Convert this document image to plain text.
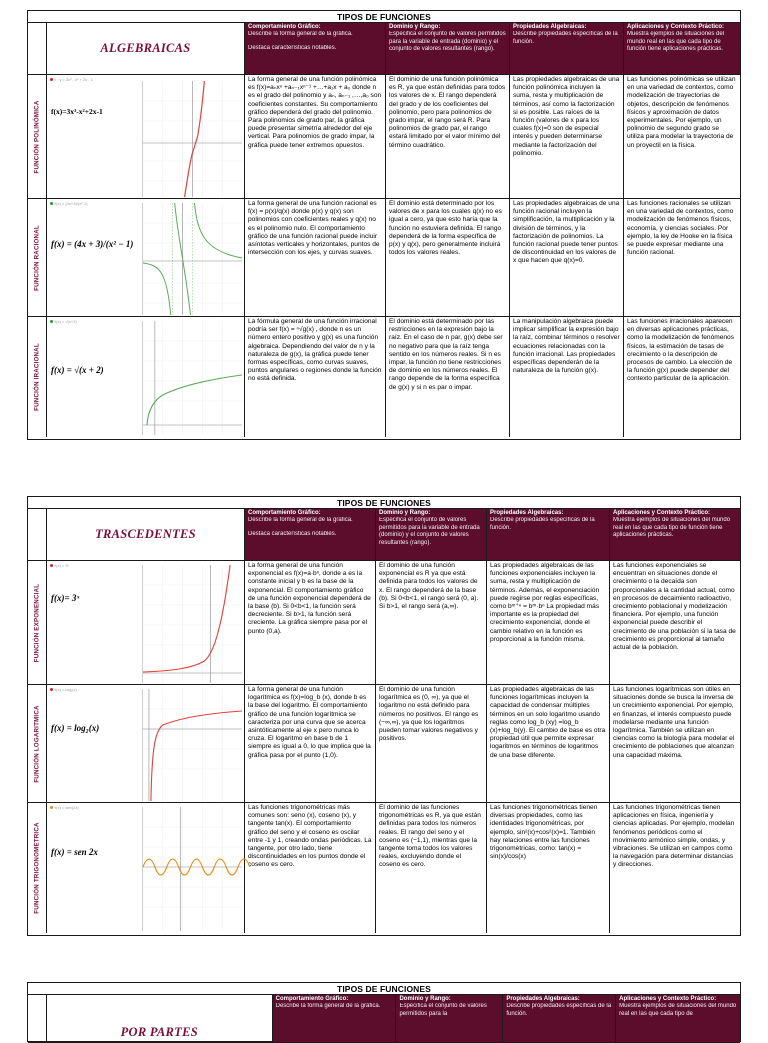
TIPOS DE FUNCIONES
ALGEBRAICAS
Comportamiento Gráfico:
Describe la forma general de la gráfica.
Destaca características notables.
Dominio y Rango:
Especifica el conjunto de valores permitidos para la variable de entrada (dominio) y el conjunto de valores resultantes (rango).
Propiedades Algebraicas:
Describe propiedades específicas de la función.
Aplicaciones y Contexto Práctico:
Muestra ejemplos de situaciones del mundo real en las que cada tipo de función tiene aplicaciones prácticas.
FUNCIÓN POLINÓMICA
f : y = 3x³ - x² + 2x - 1
f(x)=3x³-x²+2x-1
La forma general de una función polinómica es f(x)=aₙxⁿ +aₙ₋₁xⁿ⁻¹ +…+a₁x + a₀ donde n es el grado del polinomio y aₙ, aₙ₋₁ ,…,a₀ son coeficientes constantes. Su comportamiento gráfico dependerá del grado del polinomio. Para polinomios de grado par, la gráfica puede presentar simetría alrededor del eje vertical. Para polinomios de grado impar, la gráfica puede tener extremos opuestos.
El dominio de una función polinómica es R, ya que están definidas para todos los valores de x. El rango dependerá del grado y de los coeficientes del polinomio, pero para polinomios de grado impar, el rango será R. Para polinomios de grado par, el rango estará limitado por el valor mínimo del término cuadrático.
Las propiedades algebraicas de una función polinómica incluyen la suma, resta y multiplicación de términos, así como la factorización si es posible. Las raíces de la función (valores de x para los cuales f(x)=0 son de especial interés y pueden determinarse mediante la factorización del polinomio.
Las funciones polinómicas se utilizan en una variedad de contextos, como modelización de trayectorias de objetos, descripción de fenómenos físicos y aproximación de datos experimentales. Por ejemplo, un polinomio de segundo grado se utiliza para modelar la trayectoria de un proyectil en la física.
FUNCIÓN RACIONAL
f(x) = (4x+3)/(x²-1)
f(x) = (4x + 3)/(x² − 1)
La forma general de una función racional es f(x) = p(x)/q(x) donde p(x) y q(x) son polinomios con coeficientes reales y q(x) no es el polinomio nulo. El comportamiento gráfico de una función racional puede incluir asíntotas verticales y horizontales, puntos de intersección con los ejes, y curvas suaves.
El dominio está determinado por los valores de x para los cuales q(x) no es igual a cero, ya que esto haría que la función no estuviera definida. El rango dependerá de la forma específica de p(x) y q(x), pero generalmente incluirá todos los valores reales.
Las propiedades algebraicas de una función racional incluyen la simplificación, la multiplicación y la división de términos, y la factorización de polinomios. La función racional puede tener puntos de discontinuidad en los valores de x que hacen que q(x)=0.
Las funciones racionales se utilizan en una variedad de contextos, como modelización de fenómenos físicos, economía, y ciencias sociales. Por ejemplo, la ley de Hooke en la física se puede expresar mediante una función racional.
FUNCIÓN IRACIONAL
f(x) = √(x+2)
f(x) = √(x + 2)
La fórmula general de una función irracional podría ser f(x) = ⁿ√g(x) , donde n es un número entero positivo y g(x) es una función algebraica. Dependiendo del valor de n y la naturaleza de g(x), la gráfica puede tener formas específicas, como curvas suaves, puntos angulares o regiones donde la función no está definida.
El dominio está determinado por las restricciones en la expresión bajo la raíz. En el caso de n par, g(x) debe ser no negativo para que la raíz tenga sentido en los números reales. Si n es impar, la función no tiene restricciones de dominio en los números reales. El rango depende de la forma específica de g(x) y si n es par o impar.
La manipulación algebraica puede implicar simplificar la expresión bajo la raíz, combinar términos o resolver ecuaciones relacionadas con la función irracional. Las propiedades específicas dependerán de la naturaleza de la función g(x).
Las funciones irracionales aparecen en diversas aplicaciones prácticas, como la modelización de fenómenos físicos, la estimación de tasas de crecimiento o la descripción de procesos de cambio. La elección de la función g(x) puede depender del contexto particular de la aplicación.
TIPOS DE FUNCIONES
TRASCEDENTES
Comportamiento Gráfico:
Describe la forma general de la gráfica.
Destaca características notables.
Dominio y Rango:
Especifica el conjunto de valores permitidos para la variable de entrada (dominio) y el conjunto de valores resultantes (rango).
Propiedades Algebraicas:
Describe propiedades específicas de la función.
Aplicaciones y Contexto Práctico:
Muestra ejemplos de situaciones del mundo real en las que cada tipo de función tiene aplicaciones prácticas.
FUNCIÓN EXPONENCIAL
f(x) = 3ˣ
f(x)= 3ˣ
La forma general de una función exponencial es f(x)=a·bˣ, donde a es la constante inicial y b es la base de la exponencial. El comportamiento gráfico de una función exponencial dependerá de la base (b). Si 0<b<1, la función será decreciente. Si b>1, la función será creciente. La gráfica siempre pasa por el punto (0,a).
El dominio de una función exponencial es R ya que está definida para todos los valores de x. El rango dependerá de la base (b). Si 0<b<1, el rango será (0, a). Si b>1, el rango será (a,∞).
Las propiedades algebraicas de las funciones exponenciales incluyen la suma, resta y multiplicación de términos. Además, el exponenciación puede regirse por reglas específicas, como bᵐ⁺ⁿ = bᵐ·bⁿ La propiedad más importante es la propiedad del crecimiento exponencial, donde el cambio relativo en la función es proporcional a la función misma.
Las funciones exponenciales se encuentran en situaciones donde el crecimiento o la decaída son proporcionales a la cantidad actual, como en procesos de decaimiento radioactivo, crecimiento poblacional y modelización financiera. Por ejemplo, una función exponencial puede describir el crecimiento de una población si la tasa de crecimiento es proporcional al tamaño actual de la población.
FUNCIÓN LOGARITMICA
f(x) = log₂(x)
f(x) = log₂(x)
La forma general de una función logarítmica es f(x)=log_b (x), donde b es la base del logaritmo. El comportamiento gráfico de una función logarítmica se caracteriza por una curva que se acerca asintóticamente al eje x pero nunca lo cruza. El logaritmo en base b de 1 siempre es igual a 0, lo que implica que la gráfica pasa por el punto (1,0).
El dominio de una función logarítmica es (0, ∞), ya que el logaritmo no está definido para números no positivos. El rango es (−∞,∞), ya que los logaritmos pueden tomar valores negativos y positivos.
Las propiedades algebraicas de las funciones logarítmicas incluyen la capacidad de condensar múltiples términos en un solo logaritmo usando reglas como log_b (xy) =log_b (x)+log_b(y). El cambio de base es otra propiedad útil que permite expresar logaritmos en términos de logaritmos de una base diferente.
Las funciones logarítmicas son útiles en situaciones donde se busca la inversa de un crecimiento exponencial. Por ejemplo, en finanzas, el interés compuesto puede modelarse mediante una función logarítmica. También se utilizan en ciencias como la biología para modelar el crecimiento de poblaciones que alcanzan una capacidad máxima.
FUNCIÓN TRIGONOMETRICA
f(x) = sen(2x)
f(x) = sen 2x
Las funciones trigonométricas más comunes son: seno (x), coseno (x), y tangente tan(x). El comportamiento gráfico del seno y el coseno es oscilar entre -1 y 1, creando ondas periódicas. La tangente, por otro lado, tiene discontinuidades en los puntos donde el coseno es cero.
El dominio de las funciones trigonométricas es R, ya que están definidas para todos los números reales. El rango del seno y el coseno es (−1,1), mientras que la tangente toma todos los valores reales, excluyendo donde el coseno es cero.
Las funciones trigonométricas tienen diversas propiedades, como las identidades trigonométricas, por ejemplo, sin²(x)+cos²(x)=1. También hay relaciones entre las funciones trigonométricas, como: tan(x) = sin(x)/cos(x)
Las funciones trigonométricas tienen aplicaciones en física, ingeniería y ciencias aplicadas. Por ejemplo, modelan fenómenos periódicos como el movimiento armónico simple, ondas, y vibraciones. Se utilizan en campos como la navegación para determinar distancias y direcciones.
TIPOS DE FUNCIONES
POR PARTES
Comportamiento Gráfico:
Describe la forma general de la gráfica.
Dominio y Rango:
Especifica el conjunto de valores permitidos para la
Propiedades Algebraicas:
Describe propiedades específicas de la función.
Aplicaciones y Contexto Práctico:
Muestra ejemplos de situaciones del mundo real en las que cada tipo de
